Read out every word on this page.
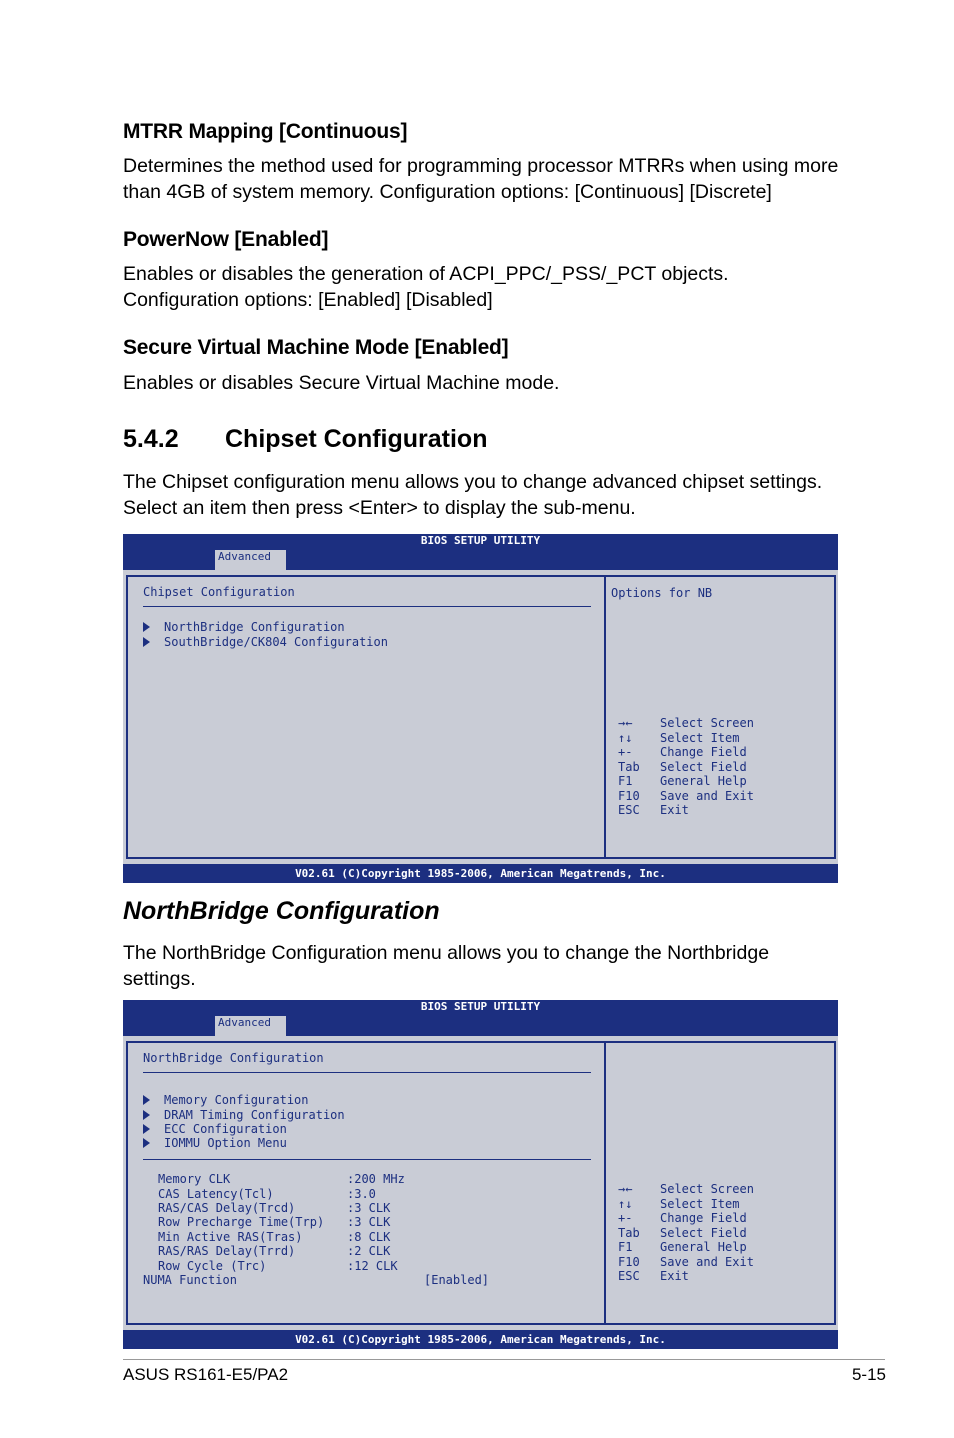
MTRR Mapping [Continuous]
Determines the method used for programming processor MTRRs when using more than 4GB of system memory. Configuration options: [Continuous] [Discrete]
PowerNow [Enabled]
Enables or disables the generation of ACPI_PPC/_PSS/_PCT objects.
Configuration options: [Enabled] [Disabled]
Secure Virtual Machine Mode [Enabled]
Enables or disables Secure Virtual Machine mode.
5.4.2 Chipset Configuration
The Chipset configuration menu allows you to change advanced chipset settings. Select an item then press <Enter> to display the sub-menu.
BIOS SETUP UTILITY
Advanced
Chipset Configuration
NorthBridge Configuration
SouthBridge/CK804 Configuration
Options for NB
→← Select Screen
↑↓ Select Item
+- Change Field
Tab Select Field
F1 General Help
F10 Save and Exit
ESC Exit
V02.61 (C)Copyright 1985-2006, American Megatrends, Inc.
NorthBridge Configuration
The NorthBridge Configuration menu allows you to change the Northbridge settings.
BIOS SETUP UTILITY
Advanced
NorthBridge Configuration
Memory Configuration
DRAM Timing Configuration
ECC Configuration
IOMMU Option Menu
Memory CLK	:200 MHz
CAS Latency(Tcl)	:3.0
RAS/CAS Delay(Trcd)	:3 CLK
Row Precharge Time(Trp) :3 CLK
Min Active RAS(Tras)	:8 CLK
RAS/RAS Delay(Trrd)	:2 CLK
Row Cycle (Trc)	:12 CLK
NUMA Function	[Enabled]
→← Select Screen
↑↓ Select Item
+- Change Field
Tab Select Field
F1 General Help
F10 Save and Exit
ESC Exit
V02.61 (C)Copyright 1985-2006, American Megatrends, Inc.
ASUS RS161-E5/PA2	5-15
